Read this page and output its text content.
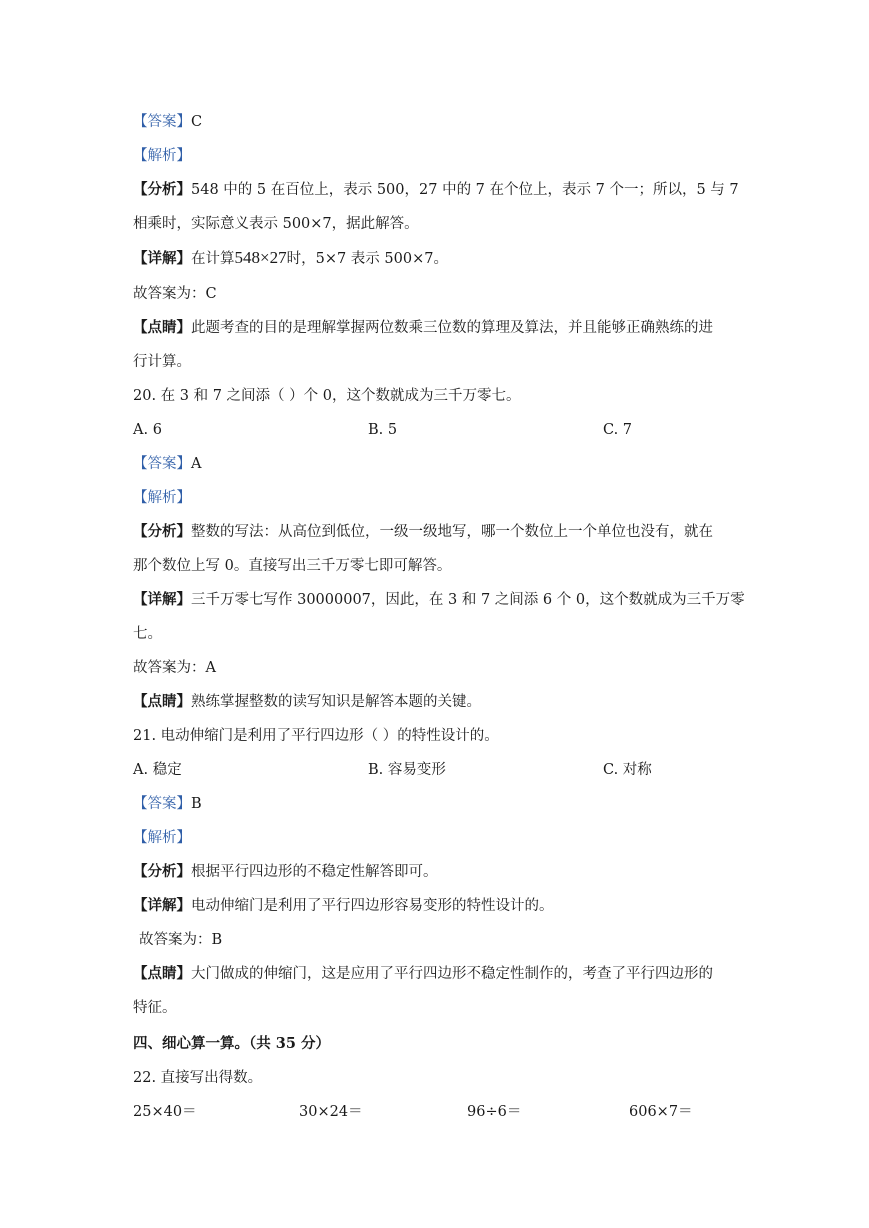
【答案】C
【解析】
【分析】548 中的 5 在百位上，表示 500，27 中的 7 在个位上，表示 7 个一；所以，5 与 7
相乘时，实际意义表示 500×7，据此解答。
【详解】在计算548×27时，5×7 表示 500×7。
故答案为：C
【点睛】此题考查的目的是理解掌握两位数乘三位数的算理及算法，并且能够正确熟练的进
行计算。
20. 在 3 和 7 之间添（ ）个 0，这个数就成为三千万零七。
A. 6	B. 5	C. 7
【答案】A
【解析】
【分析】整数的写法：从高位到低位，一级一级地写，哪一个数位上一个单位也没有，就在
那个数位上写 0。直接写出三千万零七即可解答。
【详解】三千万零七写作 30000007，因此，在 3 和 7 之间添 6 个 0，这个数就成为三千万零
七。
故答案为：A
【点睛】熟练掌握整数的读写知识是解答本题的关键。
21. 电动伸缩门是利用了平行四边形（ ）的特性设计的。
A. 稳定	B. 容易变形	C. 对称
【答案】B
【解析】
【分析】根据平行四边形的不稳定性解答即可。
【详解】电动伸缩门是利用了平行四边形容易变形的特性设计的。
故答案为：B
【点睛】大门做成的伸缩门，这是应用了平行四边形不稳定性制作的，考查了平行四边形的
特征。
四、细心算一算。（共 35 分）
22. 直接写出得数。
25×40＝	30×24＝	96÷6＝	606×7＝
